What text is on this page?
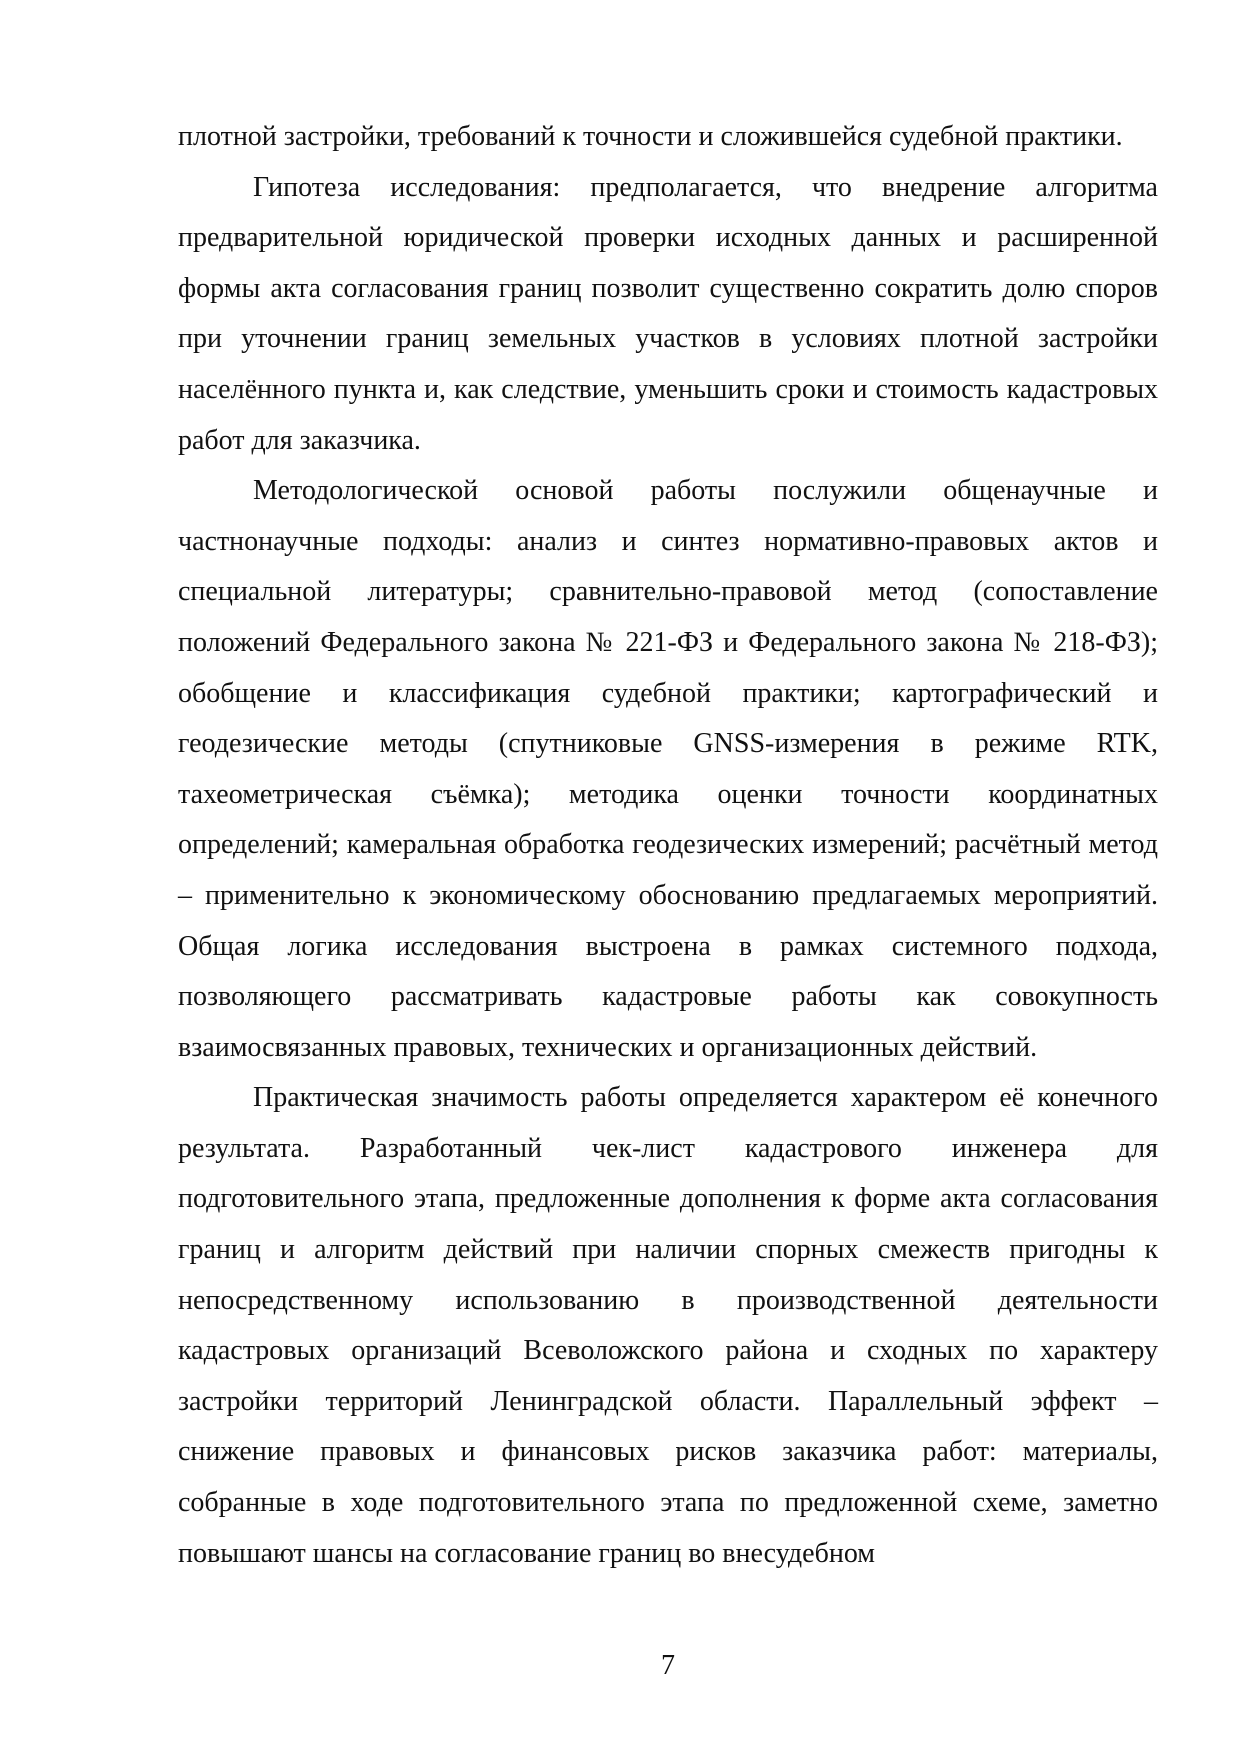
плотной застройки, требований к точности и сложившейся судебной практики.

Гипотеза исследования: предполагается, что внедрение алгоритма предварительной юридической проверки исходных данных и расширенной формы акта согласования границ позволит существенно сократить долю споров при уточнении границ земельных участков в условиях плотной застройки населённого пункта и, как следствие, уменьшить сроки и стоимость кадастровых работ для заказчика.

Методологической основой работы послужили общенаучные и частнонаучные подходы: анализ и синтез нормативно-правовых актов и специальной литературы; сравнительно-правовой метод (сопоставление положений Федерального закона № 221-ФЗ и Федерального закона № 218-ФЗ); обобщение и классификация судебной практики; картографический и геодезические методы (спутниковые GNSS-измерения в режиме RTK, тахеометрическая съёмка); методика оценки точности координатных определений; камеральная обработка геодезических измерений; расчётный метод – применительно к экономическому обоснованию предлагаемых мероприятий. Общая логика исследования выстроена в рамках системного подхода, позволяющего рассматривать кадастровые работы как совокупность взаимосвязанных правовых, технических и организационных действий.

Практическая значимость работы определяется характером её конечного результата. Разработанный чек-лист кадастрового инженера для подготовительного этапа, предложенные дополнения к форме акта согласования границ и алгоритм действий при наличии спорных смежеств пригодны к непосредственному использованию в производственной деятельности кадастровых организаций Всеволожского района и сходных по характеру застройки территорий Ленинградской области. Параллельный эффект – снижение правовых и финансовых рисков заказчика работ: материалы, собранные в ходе подготовительного этапа по предложенной схеме, заметно повышают шансы на согласование границ во внесудебном

7
